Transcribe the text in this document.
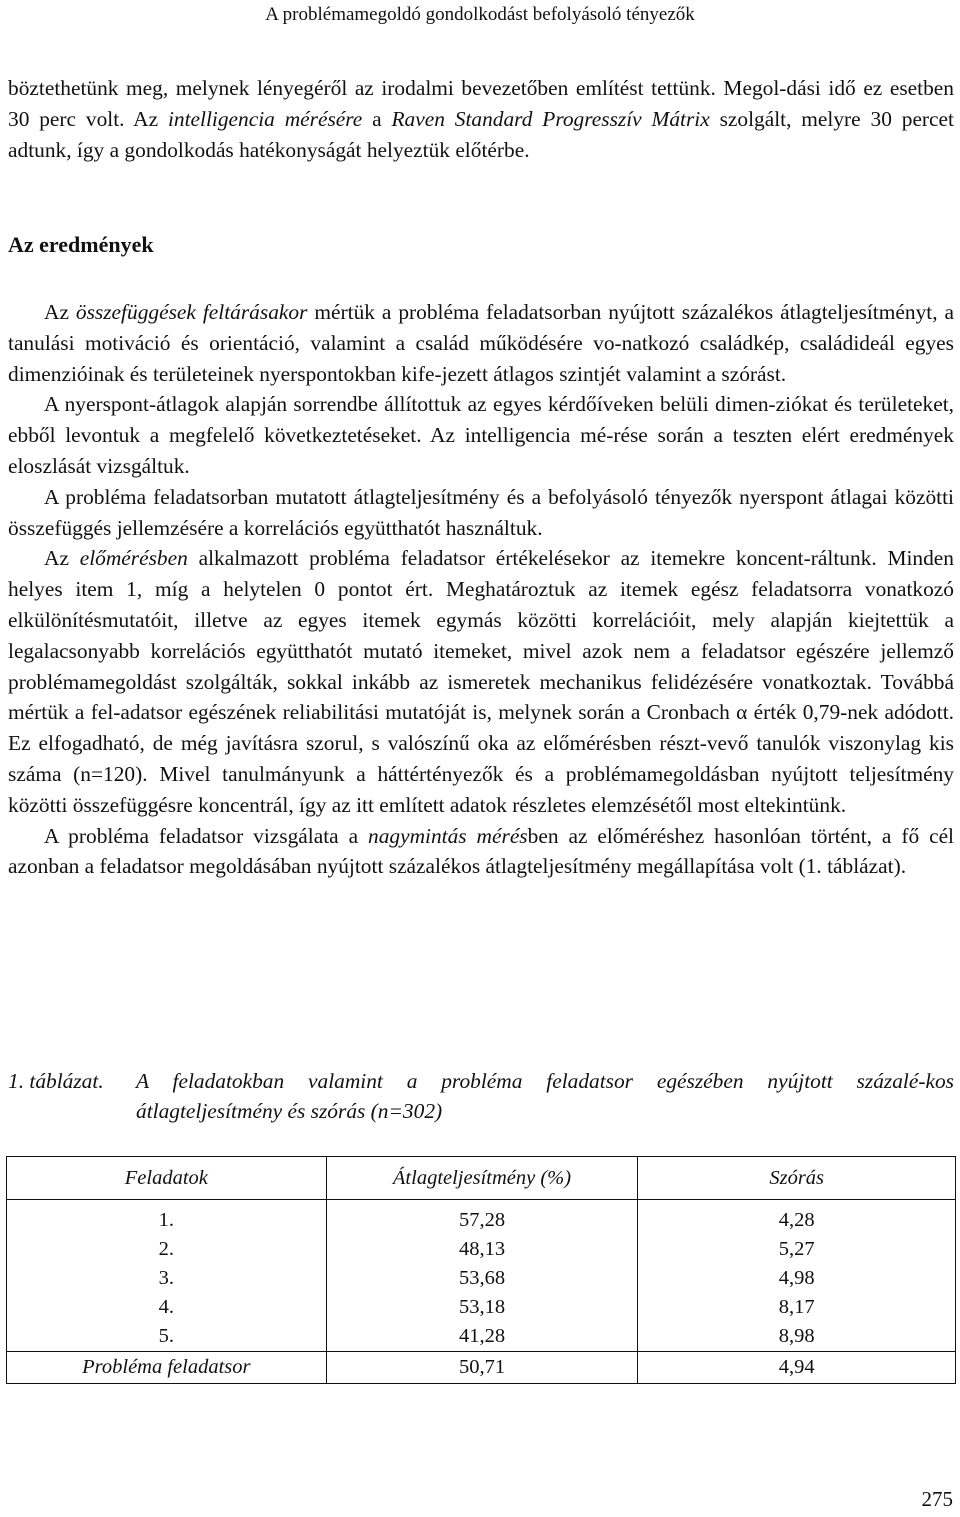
A problémamegoldó gondolkodást befolyásoló tényezők

böztethetünk meg, melynek lényegéről az irodalmi bevezetőben említést tettünk. Megol-dási idő ez esetben 30 perc volt. Az intelligencia mérésére a Raven Standard Progresszív Mátrix szolgált, melyre 30 percet adtunk, így a gondolkodás hatékonyságát helyeztük előtérbe.

Az eredmények

Az összefüggések feltárásakor mértük a probléma feladatsorban nyújtott százalékos átlagteljesítményt, a tanulási motiváció és orientáció, valamint a család működésére vo-natkozó családkép, családideál egyes dimenzióinak és területeinek nyerspontokban kife-jezett átlagos szintjét valamint a szórást.

A nyerspont-átlagok alapján sorrendbe állítottuk az egyes kérdőíveken belüli dimen-ziókat és területeket, ebből levontuk a megfelelő következtetéseket. Az intelligencia mé-rése során a teszten elért eredmények eloszlását vizsgáltuk.

A probléma feladatsorban mutatott átlagteljesítmény és a befolyásoló tényezők nyerspont átlagai közötti összefüggés jellemzésére a korrelációs együtthatót használtuk.

Az előmérésben alkalmazott probléma feladatsor értékelésekor az itemekre koncent-ráltunk. Minden helyes item 1, míg a helytelen 0 pontot ért. Meghatároztuk az itemek egész feladatsorra vonatkozó elkülönítésmutatóit, illetve az egyes itemek egymás közötti korrelációit, mely alapján kiejtettük a legalacsonyabb korrelációs együtthatót mutató itemeket, mivel azok nem a feladatsor egészére jellemző problémamegoldást szolgálták, sokkal inkább az ismeretek mechanikus felidézésére vonatkoztak. Továbbá mértük a fel-adatsor egészének reliabilitási mutatóját is, melynek során a Cronbach α érték 0,79-nek adódott. Ez elfogadható, de még javításra szorul, s valószínű oka az előmérésben részt-vevő tanulók viszonylag kis száma (n=120). Mivel tanulmányunk a háttértényezők és a problémamegoldásban nyújtott teljesítmény közötti összefüggésre koncentrál, így az itt említett adatok részletes elemzésétől most eltekintünk.

A probléma feladatsor vizsgálata a nagymintás mérésben az előméréshez hasonlóan történt, a fő cél azonban a feladatsor megoldásában nyújtott százalékos átlagteljesítmény megállapítása volt (1. táblázat).

1. táblázat. A feladatokban valamint a probléma feladatsor egészében nyújtott százalé-kos átlagteljesítmény és szórás (n=302)
Feladatok	Átlagteljesítmény (%)	Szórás
1.	57,28	4,28
2.	48,13	5,27
3.	53,68	4,98
4.	53,18	8,17
5.	41,28	8,98
Probléma feladatsor	50,71	4,94
275
